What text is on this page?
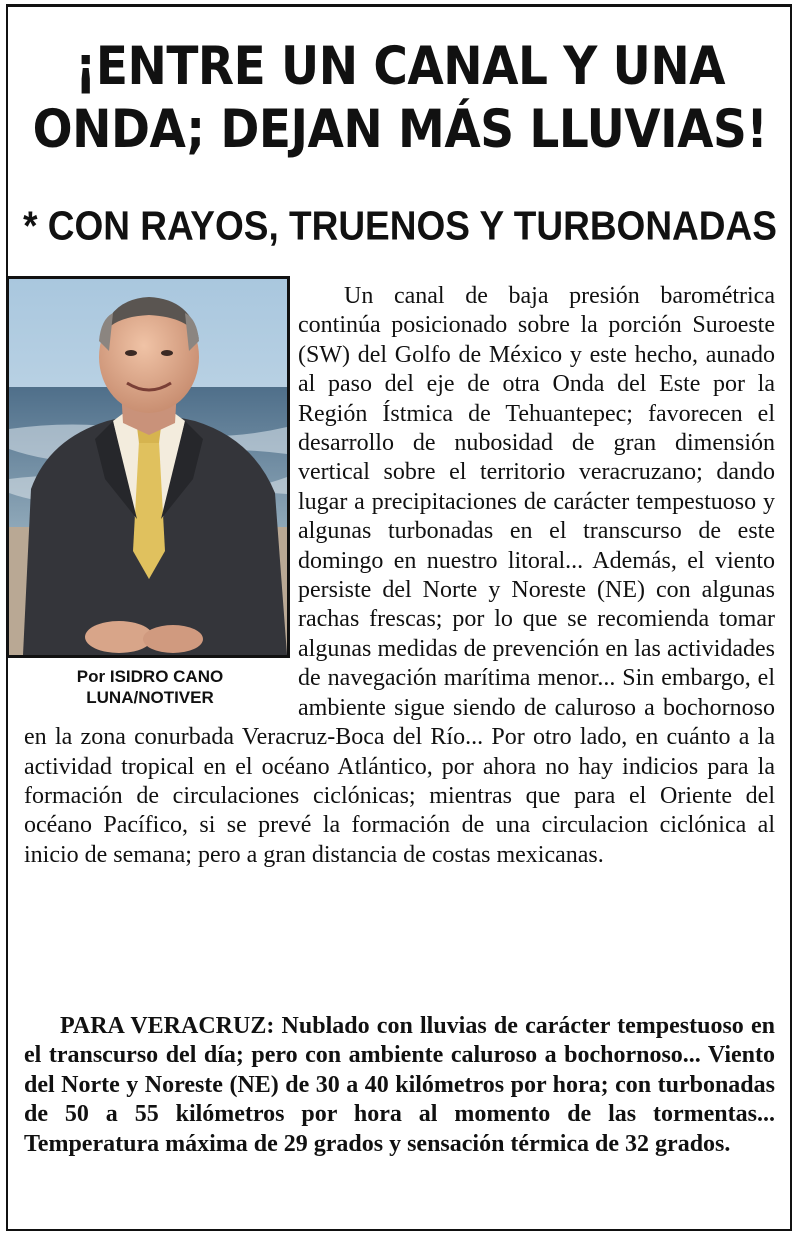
¡ENTRE UN CANAL Y UNA
ONDA; DEJAN MÁS LLUVIAS!
* CON RAYOS, TRUENOS Y TURBONADAS
Por ISIDRO CANO
LUNA/NOTIVER

Un canal de baja presión barométrica continúa posicionado sobre la porción Suroeste (SW) del Golfo de México y este hecho, aunado al paso del eje de otra Onda del Este por la Región Ístmica de Tehuantepec; favorecen el desarrollo de nubosidad de gran dimensión vertical sobre el territorio veracruzano; dando lugar a precipitaciones de carácter tempestuoso y algunas turbonadas en el transcurso de este domingo en nuestro litoral... Además, el viento persiste del Norte y Noreste (NE) con algunas rachas frescas; por lo que se recomienda tomar algunas medidas de prevención en las actividades de navegación marítima menor... Sin embargo, el ambiente sigue siendo de caluroso a bochornoso en la zona conurbada Veracruz-Boca del Río... Por otro lado, en cuánto a la actividad tropical en el océano Atlántico, por ahora no hay indicios para la formación de circulaciones ciclónicas; mientras que para el Oriente del océano Pacífico, si se prevé la formación de una circulacion ciclónica al inicio de semana; pero a gran distancia de costas mexicanas.

PARA VERACRUZ: Nublado con lluvias de carácter tempestuoso en el transcurso del día; pero con ambiente caluroso a bochornoso... Viento del Norte y Noreste (NE) de 30 a 40 kilómetros por hora; con turbonadas de 50 a 55 kilómetros por hora al momento de las tormentas... Temperatura máxima de 29 grados y sensación térmica de 32 grados.
